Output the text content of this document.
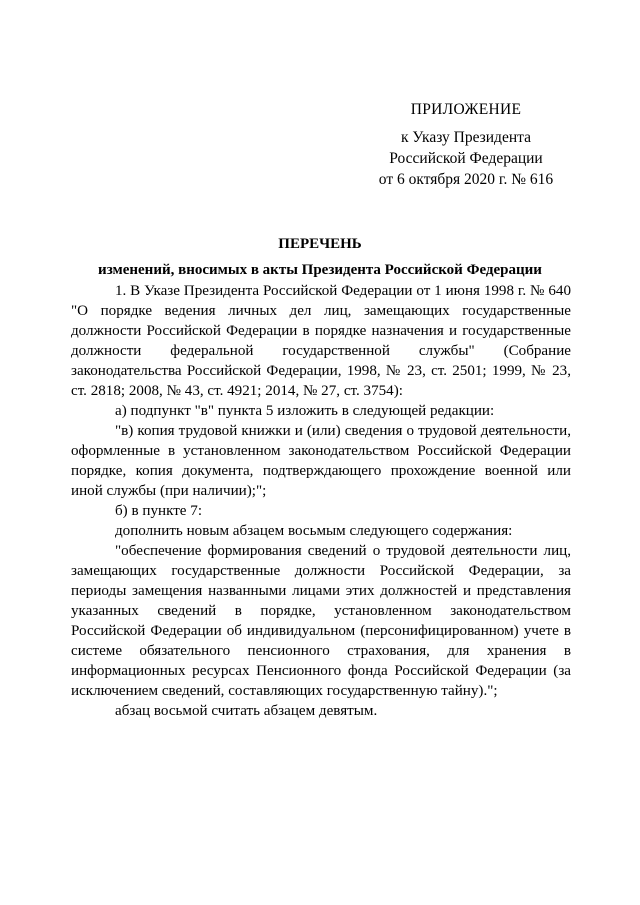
ПРИЛОЖЕНИЕ
к Указу Президента
Российской Федерации
от 6 октября 2020 г. № 616
ПЕРЕЧЕНЬ
изменений, вносимых в акты Президента Российской Федерации

1. В Указе Президента Российской Федерации от 1 июня 1998 г. № 640 "О порядке ведения личных дел лиц, замещающих государственные должности Российской Федерации в порядке назначения и государственные должности федеральной государственной службы" (Собрание законодательства Российской Федерации, 1998, № 23, ст. 2501; 1999, № 23, ст. 2818; 2008, № 43, ст. 4921; 2014, № 27, ст. 3754):

а) подпункт "в" пункта 5 изложить в следующей редакции:

"в) копия трудовой книжки и (или) сведения о трудовой деятельности, оформленные в установленном законодательством Российской Федерации порядке, копия документа, подтверждающего прохождение военной или иной службы (при наличии);";

б) в пункте 7:

дополнить новым абзацем восьмым следующего содержания:

"обеспечение формирования сведений о трудовой деятельности лиц, замещающих государственные должности Российской Федерации, за периоды замещения названными лицами этих должностей и представления указанных сведений в порядке, установленном законодательством Российской Федерации об индивидуальном (персонифицированном) учете в системе обязательного пенсионного страхования, для хранения в информационных ресурсах Пенсионного фонда Российской Федерации (за исключением сведений, составляющих государственную тайну).";

абзац восьмой считать абзацем девятым.
